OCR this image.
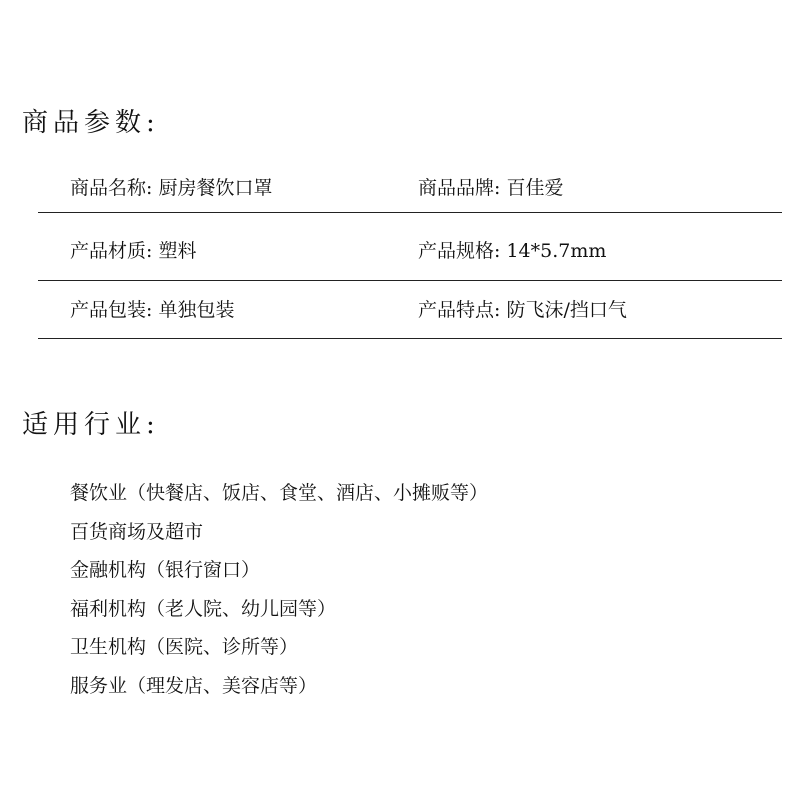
商品参数:
商品名称: 厨房餐饮口罩	商品品牌: 百佳爱
产品材质: 塑料	产品规格: 14*5.7mm
产品包装: 单独包装	产品特点: 防飞沫/挡口气
适用行业:
餐饮业（快餐店、饭店、食堂、酒店、小摊贩等）
百货商场及超市
金融机构（银行窗口）
福利机构（老人院、幼儿园等）
卫生机构（医院、诊所等）
服务业（理发店、美容店等）
